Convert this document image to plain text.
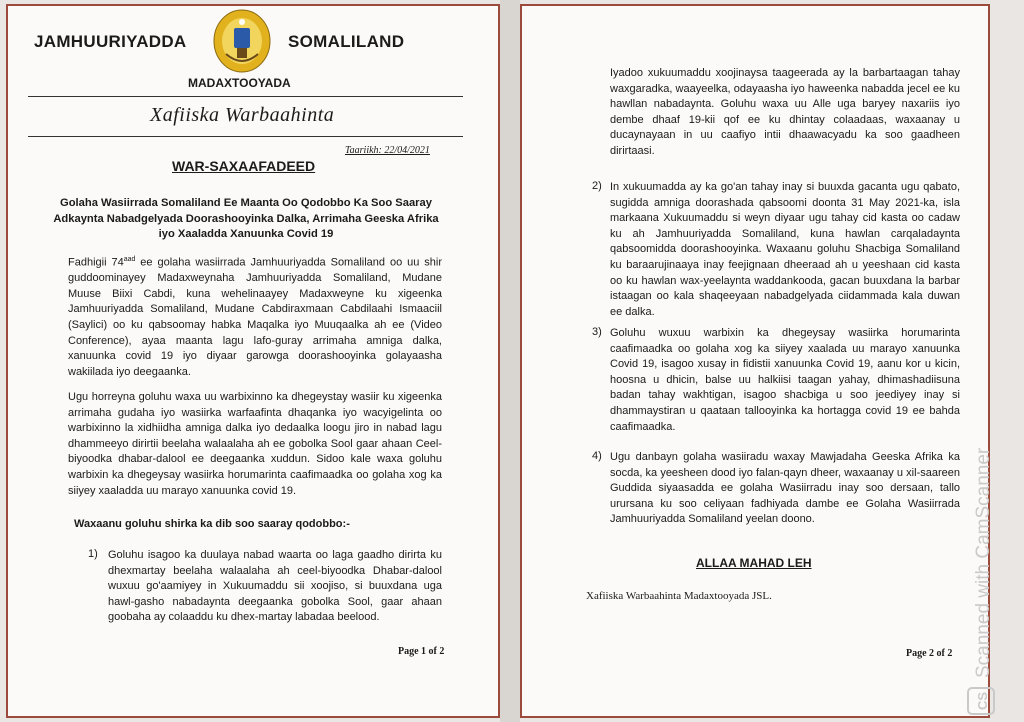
JAMHUURIYADDA	SOMALILAND
MADAXTOOYADA
Xafiiska Warbaahinta
Taariikh: 22/04/2021
WAR-SAXAAFADEED
Golaha Wasiirrada Somaliland Ee Maanta Oo Qodobbo Ka Soo Saaray Adkaynta Nabadgelyada Doorashooyinka Dalka, Arrimaha Geeska Afrika iyo Xaaladda Xanuunka Covid 19

Fadhigii $74^{aad}$ ee golaha wasiirrada Jamhuuriyadda Somaliland oo uu shir guddoominayey Madaxweynaha Jamhuuriyadda Somaliland, Mudane Muuse Biixi Cabdi, kuna wehelinaayey Madaxweyne ku xigeenka Jamhuuriyadda Somaliland, Mudane Cabdiraxmaan Cabdilaahi Ismaaciil (Saylici) oo ku qabsoomay habka Maqalka iyo Muuqaalka ah ee (Video Conference), ayaa maanta lagu lafo-guray arrimaha amniga dalka, xanuunka covid 19 iyo diyaar garowga doorashooyinka golayaasha wakiilada iyo deegaanka.

Ugu horreyna goluhu waxa uu warbixinno ka dhegeystay wasiir ku xigeenka arrimaha gudaha iyo wasiirka warfaafinta dhaqanka iyo wacyigelinta oo warbixinno la xidhiidha amniga dalka iyo dedaalka loogu jiro in nabad lagu dhammeeyo dirirtii beelaha walaalaha ah ee gobolka Sool gaar ahaan Ceel-biyoodka dhabar-dalool ee deegaanka xuddun. Sidoo kale waxa goluhu warbixin ka dhegeysay wasiirka horumarinta caafimaadka oo golaha xog ka siiyey xaaladda uu marayo xanuunka covid 19.

Waxaanu goluhu shirka ka dib soo saaray qodobbo:-
1) Goluhu isagoo ka duulaya nabad waarta oo laga gaadho dirirta ku dhexmartay beelaha walaalaha ah ceel-biyoodka Dhabar-dalool wuxuu go'aamiyey in Xukuumaddu sii xoojiso, si buuxdana uga hawl-gasho nabadaynta deegaanka gobolka Sool, gaar ahaan goobaha ay colaaddu ku dhex-martay labadaa beelood.

Page 1 of 2

Iyadoo xukuumaddu xoojinaysa taageerada ay la barbartaagan tahay waxgaradka, waayeelka, odayaasha iyo haweenka nabadda jecel ee ku hawllan nabadaynta. Goluhu waxa uu Alle uga baryey naxariis iyo dembe dhaaf 19-kii qof ee ku dhintay colaadaas, waxaanay u ducaynayaan in uu caafiyo intii dhaawacyadu ka soo gaadheen dirirtaasi.

2) In xukuumadda ay ka go'an tahay inay si buuxda gacanta ugu qabato, sugidda amniga doorashada qabsoomi doonta 31 May 2021-ka, isla markaana Xukuumaddu si weyn diyaar ugu tahay cid kasta oo cadaw ku ah Jamhuuriyadda Somaliland, kuna hawlan carqaladaynta qabsoomidda doorashooyinka. Waxaanu goluhu Shacbiga Somaliland ku baraarujinaaya inay feejignaan dheeraad ah u yeeshaan cid kasta oo ku hawlan wax-yeelaynta waddankooda, gacan buuxdana la barbar istaagan oo kala shaqeeyaan nabadgelyada ciidammada kala duwan ee dalka.

3) Goluhu wuxuu warbixin ka dhegeysay wasiirka horumarinta caafimaadka oo golaha xog ka siiyey xaalada uu marayo xanuunka Covid 19, isagoo xusay in fidistii xanuunka Covid 19, aanu kor u kicin, hoosna u dhicin, balse uu halkiisi taagan yahay, dhimashadiisuna badan tahay wakhtigan, isagoo shacbiga u soo jeediyey inay si dhammaystiran u qaataan tallooyinka ka hortagga covid 19 ee bahda caafimaadka.

4) Ugu danbayn golaha wasiiradu waxay Mawjadaha Geeska Afrika ka socda, ka yeesheen dood iyo falan-qayn dheer, waxaanay u xil-saareen Guddida siyaasadda ee golaha Wasiirradu inay soo dersaan, tallo urursana ku soo celiyaan fadhiyada dambe ee Golaha Wasiirrada Jamhuuriyadda Somaliland yeelan doono.

ALLAA MAHAD LEH
Xafiiska Warbaahinta Madaxtooyada JSL.
Page 2 of 2
CS
Scanned with CamScanner
